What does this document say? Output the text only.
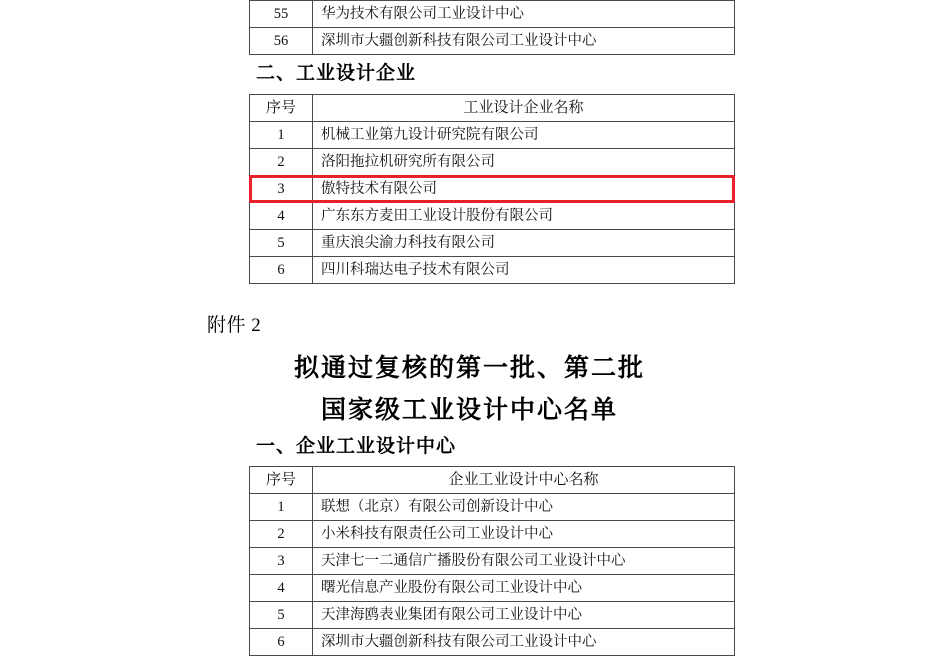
55	华为技术有限公司工业设计中心
56	深圳市大疆创新科技有限公司工业设计中心
二、工业设计企业
序号	工业设计企业名称
1	机械工业第九设计研究院有限公司
2	洛阳拖拉机研究所有限公司
3	傲特技术有限公司
4	广东东方麦田工业设计股份有限公司
5	重庆浪尖渝力科技有限公司
6	四川科瑞达电子技术有限公司
附件 2
拟通过复核的第一批、第二批
国家级工业设计中心名单
一、企业工业设计中心
序号	企业工业设计中心名称
1	联想（北京）有限公司创新设计中心
2	小米科技有限责任公司工业设计中心
3	天津七一二通信广播股份有限公司工业设计中心
4	曙光信息产业股份有限公司工业设计中心
5	天津海鸥表业集团有限公司工业设计中心
6	深圳市大疆创新科技有限公司工业设计中心
